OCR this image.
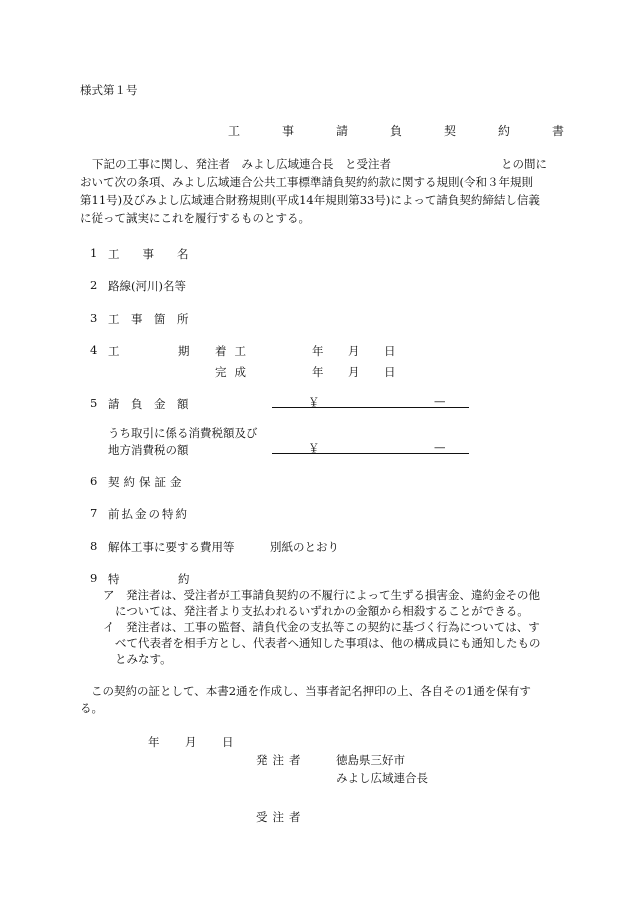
様式第１号
工　事　請　負　契　約　書
下記の工事に関し、発注者　みよし広域連合長　と受注者	との間に
おいて次の条項、みよし広域連合公共工事標準請負契約約款に関する規則(令和３年規則
第11号)及びみよし広域連合財務規則(平成14年規則第33号)によって請負契約締結し信義
に従って誠実にこれを履行するものとする。
1 工　　事　　名
2 路線(河川)名等
3 工　事　箇　所
4 工	期 着工	年 月 日
完成	年 月 日
5 請　負　金　額	￥	—
うち取引に係る消費税額及び
地方消費税の額	￥	—
6 契約保証金
7 前払金の特約
8 解体工事に要する費用等	別紙のとおり
9 特	約
ア　発注者は、受注者が工事請負契約の不履行によって生ずる損害金、違約金その他
については、発注者より支払われるいずれかの金額から相殺することができる。
イ　発注者は、工事の監督、請負代金の支払等この契約に基づく行為については、す
べて代表者を相手方とし、代表者へ通知した事項は、他の構成員にも通知したもの
とみなす。
この契約の証として、本書2通を作成し、当事者記名押印の上、各自その1通を保有す
る。
年 月 日
発注者	徳島県三好市
みよし広域連合長
受注者
